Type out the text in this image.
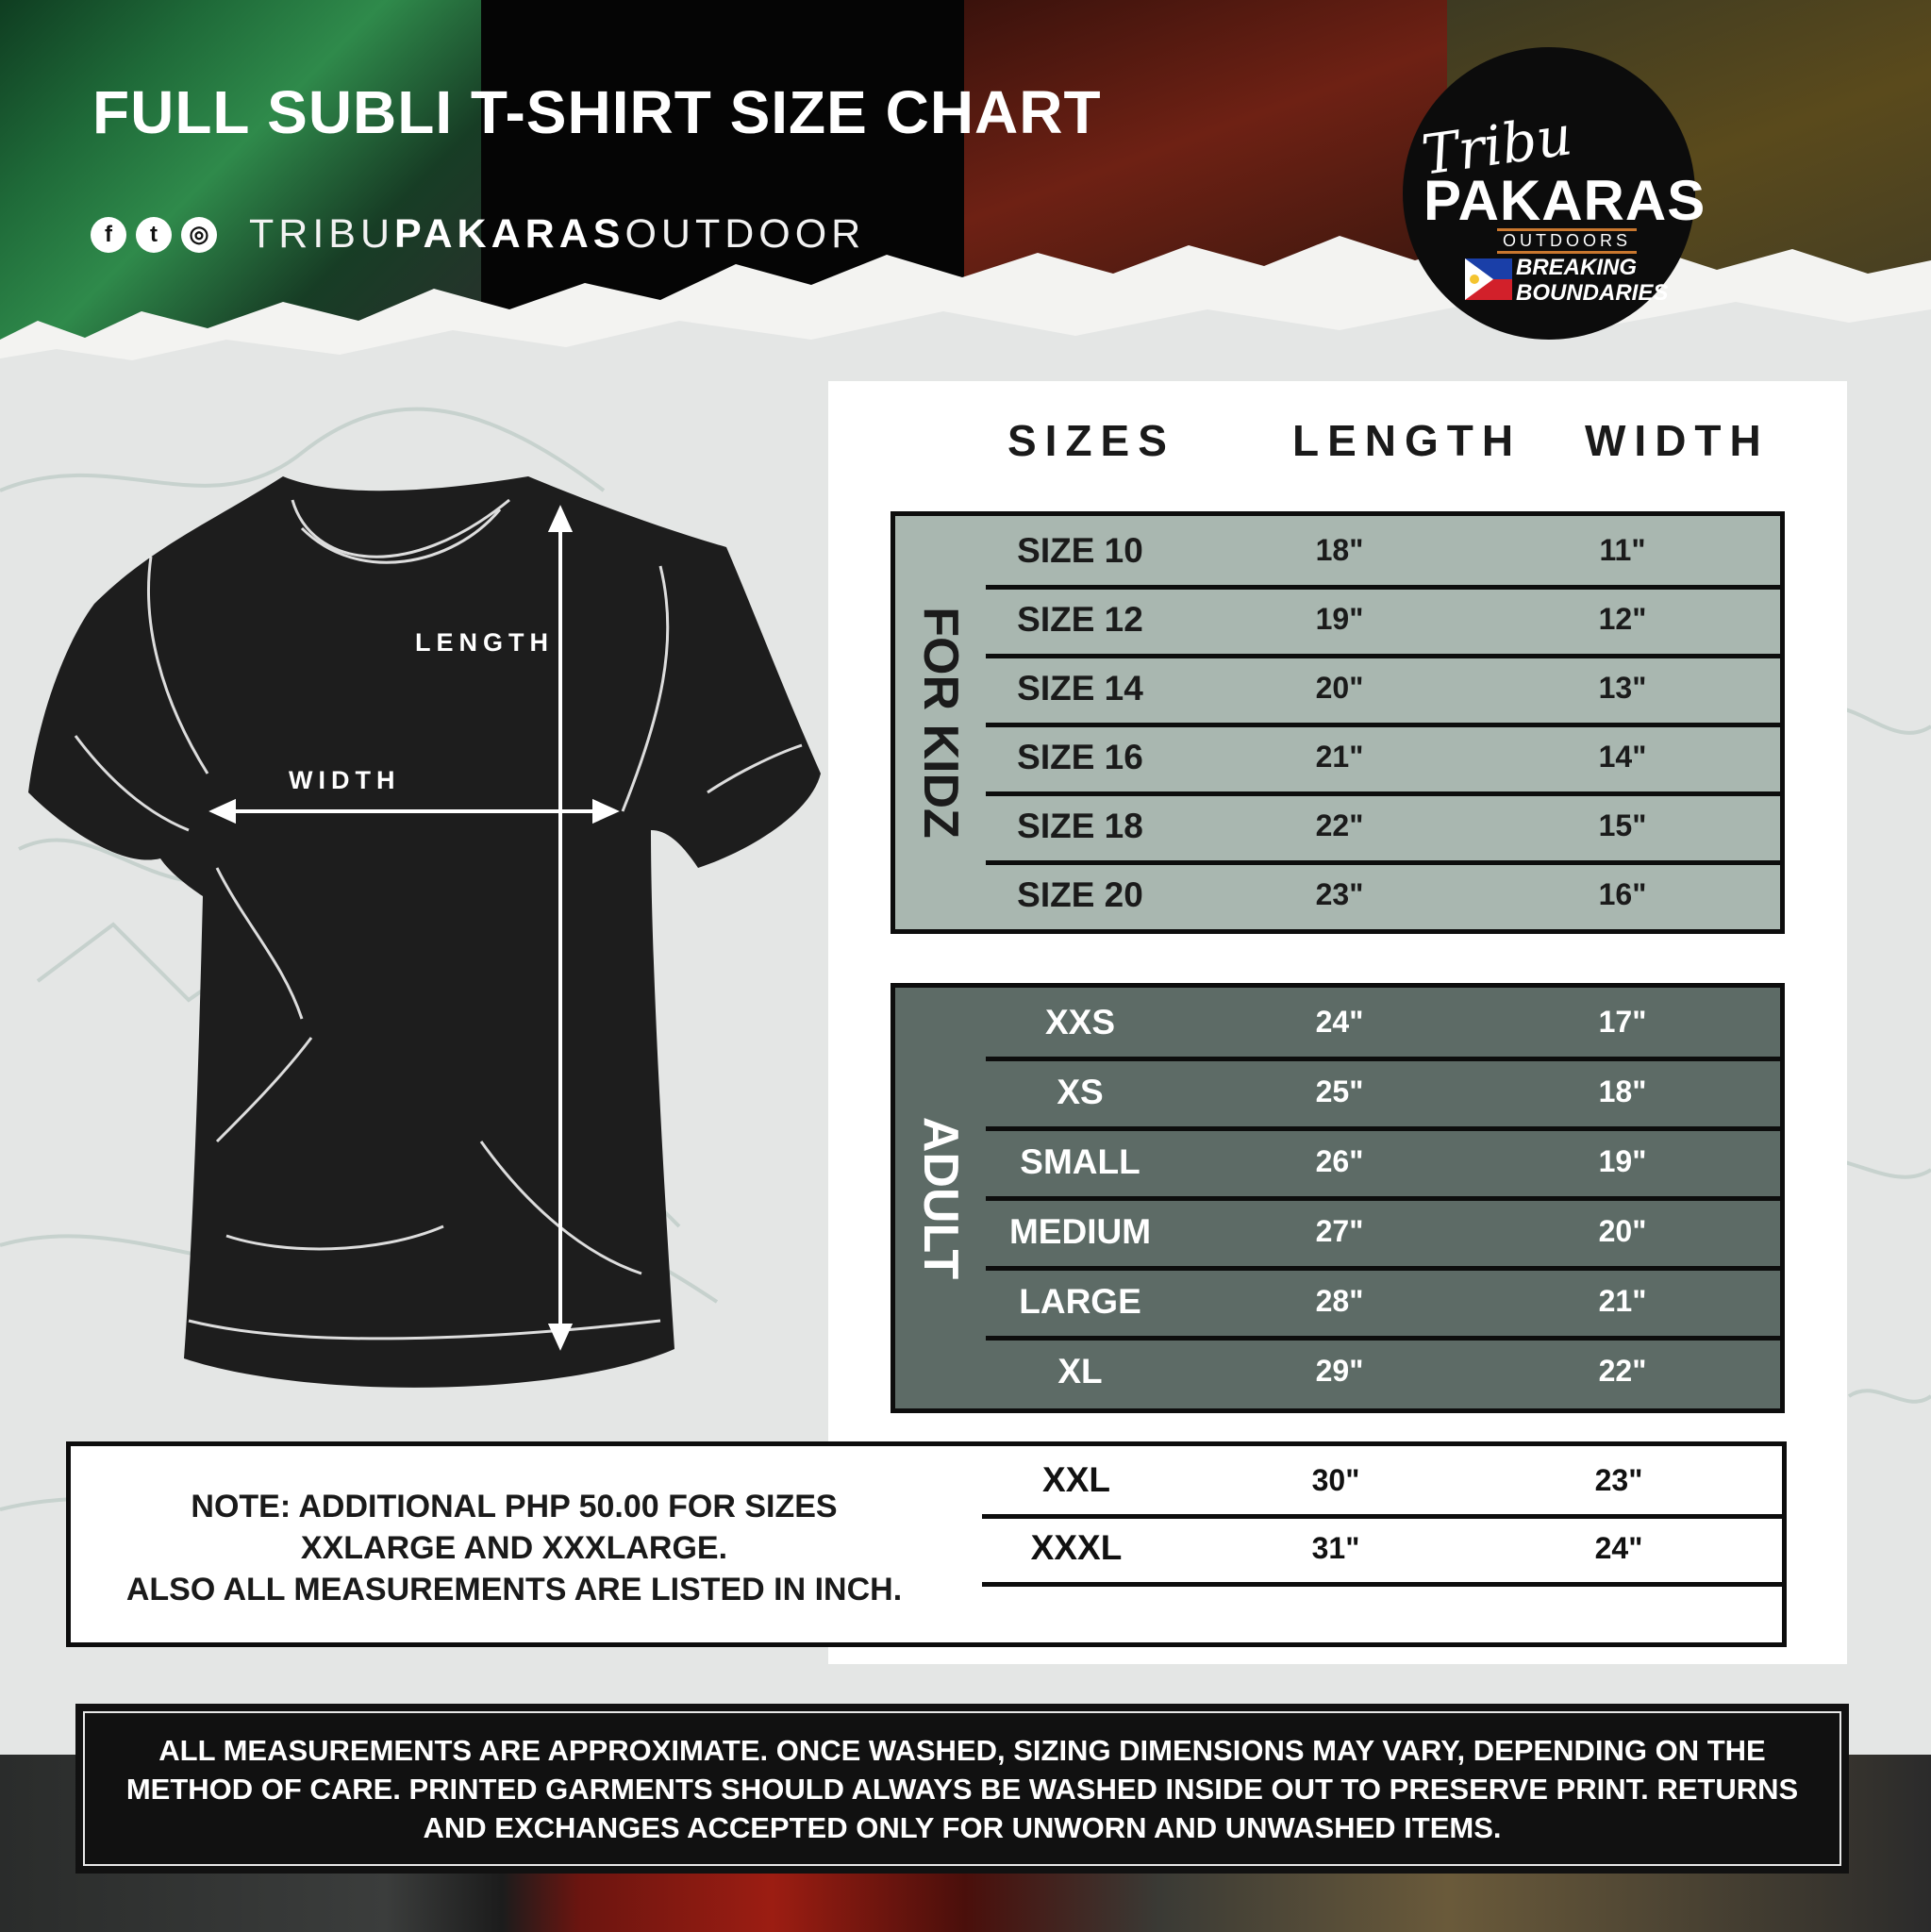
FULL SUBLI T-SHIRT SIZE CHART
f	t	◎ TRIBUPAKARASOUTDOOR
Tribu
PAKARAS
OUTDOORS
BREAKING
BOUNDARIES
LENGTH
WIDTH
SIZES	LENGTH WIDTH
FOR KIDZ
SIZE 10	18"	11"
SIZE 12	19"	12"
SIZE 14	20"	13"
SIZE 16	21"	14"
SIZE 18	22"	15"
SIZE 20	23"	16"
ADULT
XXS	24"	17"
XS	25"	18"
SMALL	26"	19"
MEDIUM	27"	20"
LARGE	28"	21"
XL	29"	22"
NOTE: ADDITIONAL PHP 50.00 FOR SIZES
XXLARGE AND XXXLARGE.
ALSO ALL MEASUREMENTS ARE LISTED IN INCH.
XXL	30"	23"
XXXL	31"	24"

ALL MEASUREMENTS ARE APPROXIMATE. ONCE WASHED, SIZING DIMENSIONS MAY VARY, DEPENDING ON THE METHOD OF CARE. PRINTED GARMENTS SHOULD ALWAYS BE WASHED INSIDE OUT TO PRESERVE PRINT. RETURNS AND EXCHANGES ACCEPTED ONLY FOR UNWORN AND UNWASHED ITEMS.
